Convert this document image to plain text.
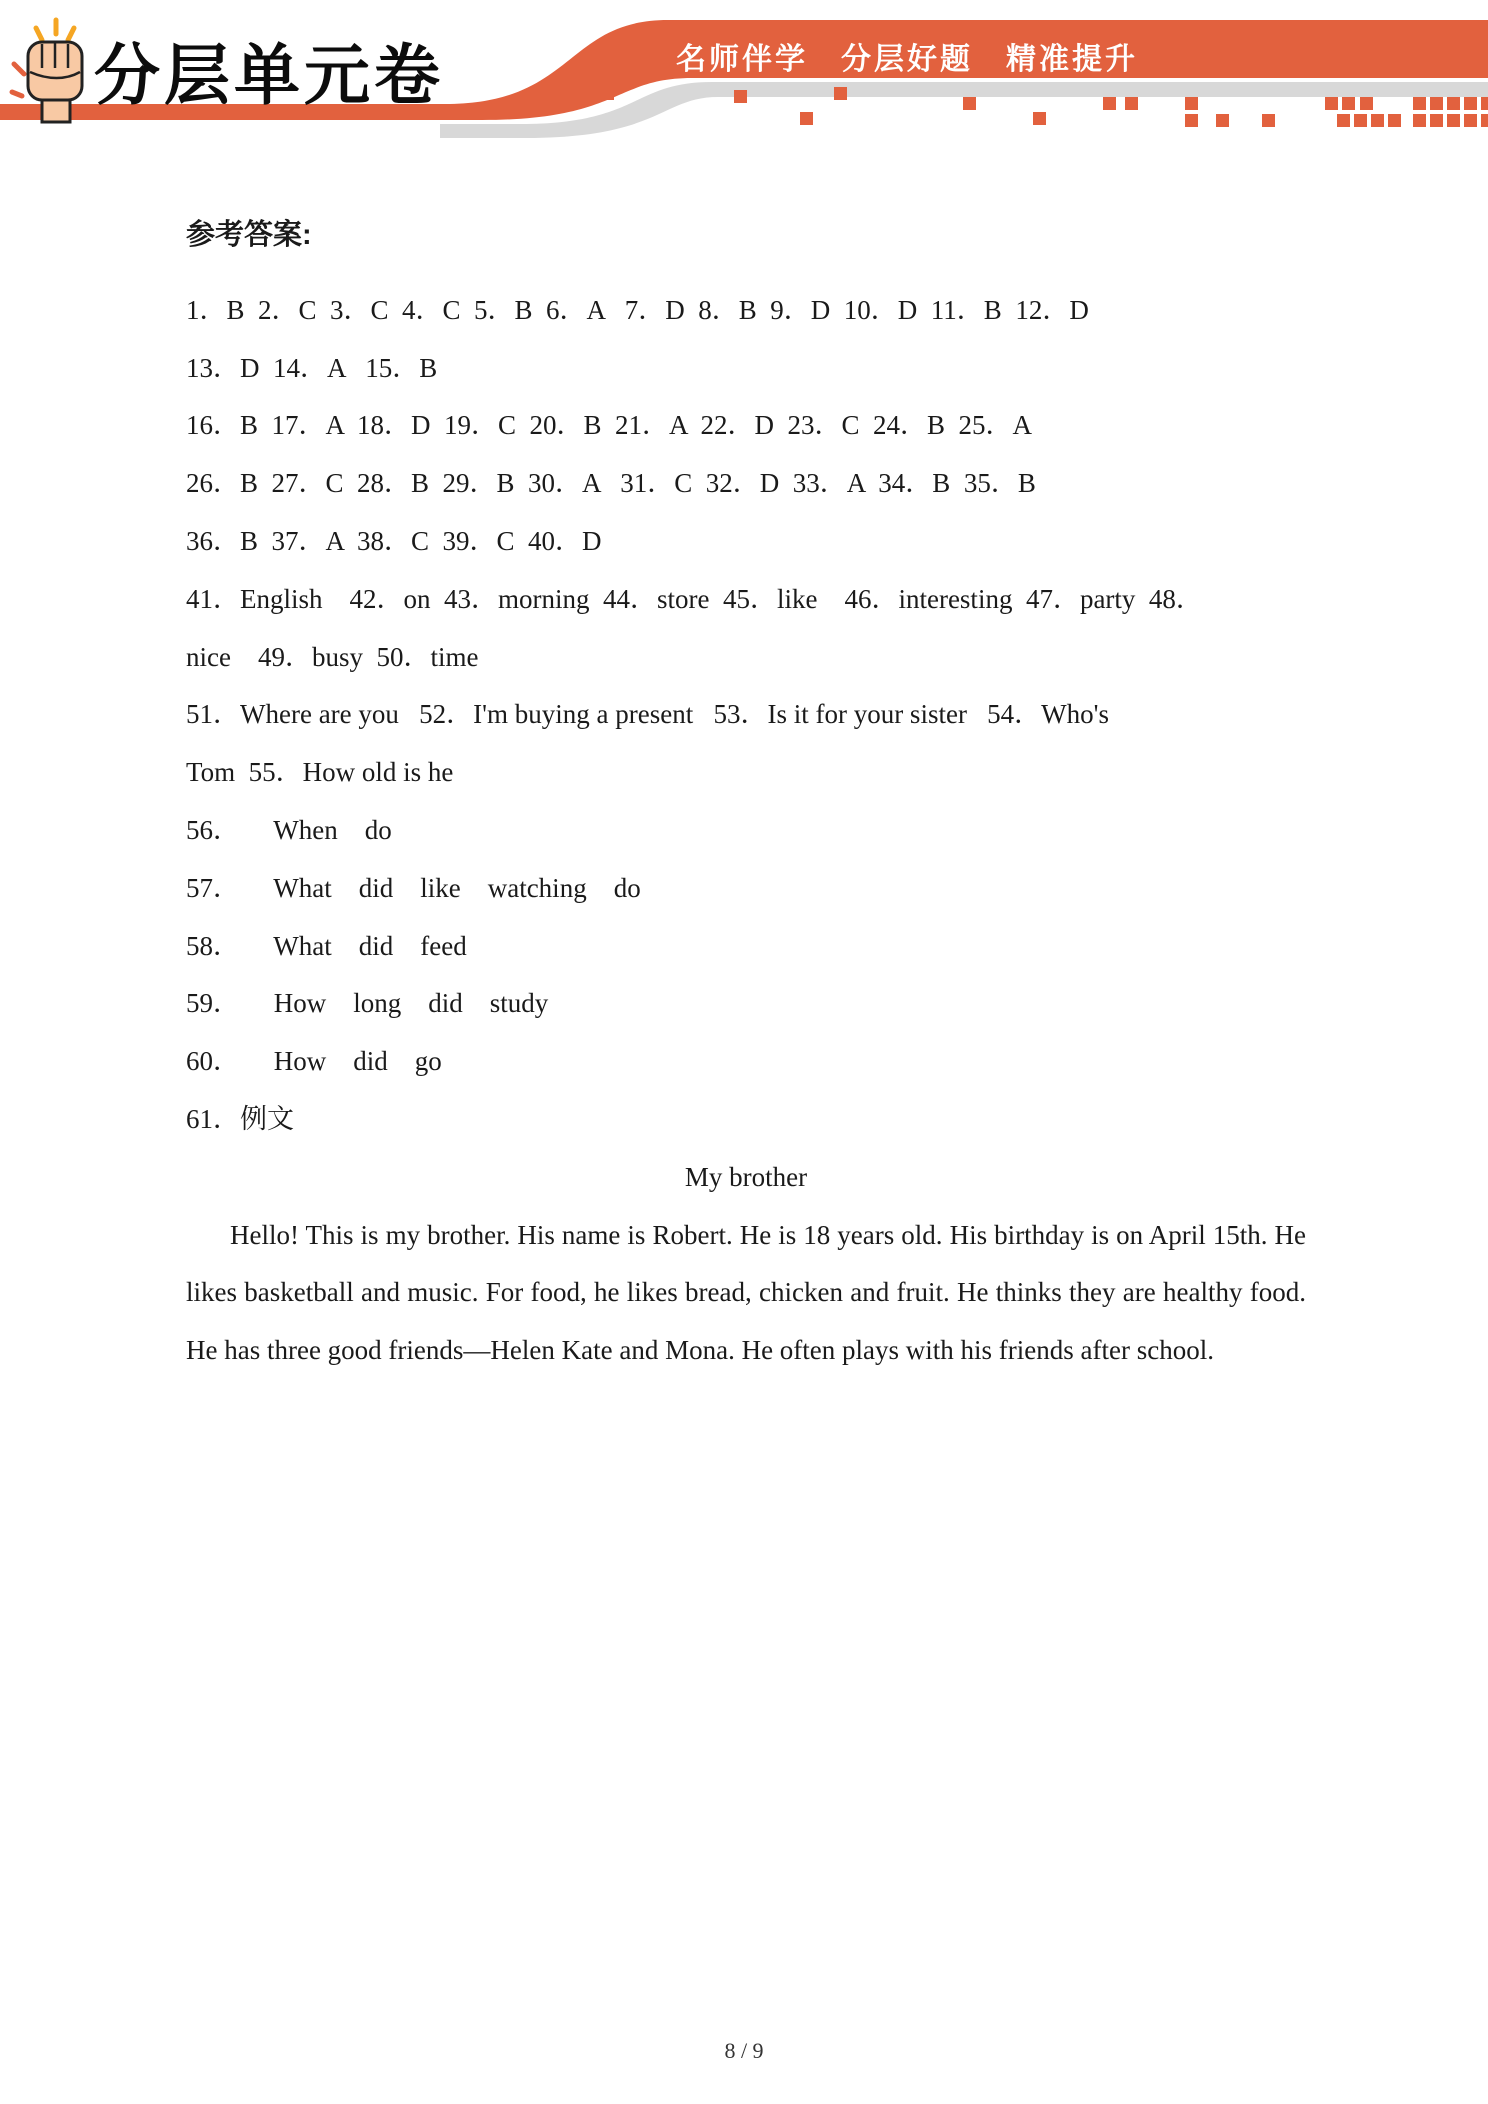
分层单元卷	名师伴学　分层好题　精准提升
参考答案:
1．B  2．C  3．C  4．C  5．B  6．A   7．D  8．B  9．D  10．D  11．B  12．D
13．D  14．A   15．B
16．B  17．A  18．D  19．C  20．B  21．A  22．D  23．C  24．B  25．A
26．B  27．C  28．B  29．B  30．A   31．C  32．D  33．A  34．B  35．B
36．B  37．A  38．C  39．C  40．D
41．English    42．on  43．morning  44．store  45．like    46．interesting  47．party  48．
nice    49．busy  50．time
51．Where are you   52．I'm buying a present   53．Is it for your sister   54．Who's
Tom  55．How old is he
56．     When    do
57．     What    did    like    watching    do
58．     What    did    feed
59．     How    long    did    study
60．     How    did    go
61．例文
My brother
Hello! This is my brother. His name is Robert. He is 18 years old. His birthday is on April 15th. He likes basketball and music. For food, he likes bread, chicken and fruit. He thinks they are healthy food. He has three good friends—Helen Kate and Mona. He often plays with his friends after school.
8 / 9
